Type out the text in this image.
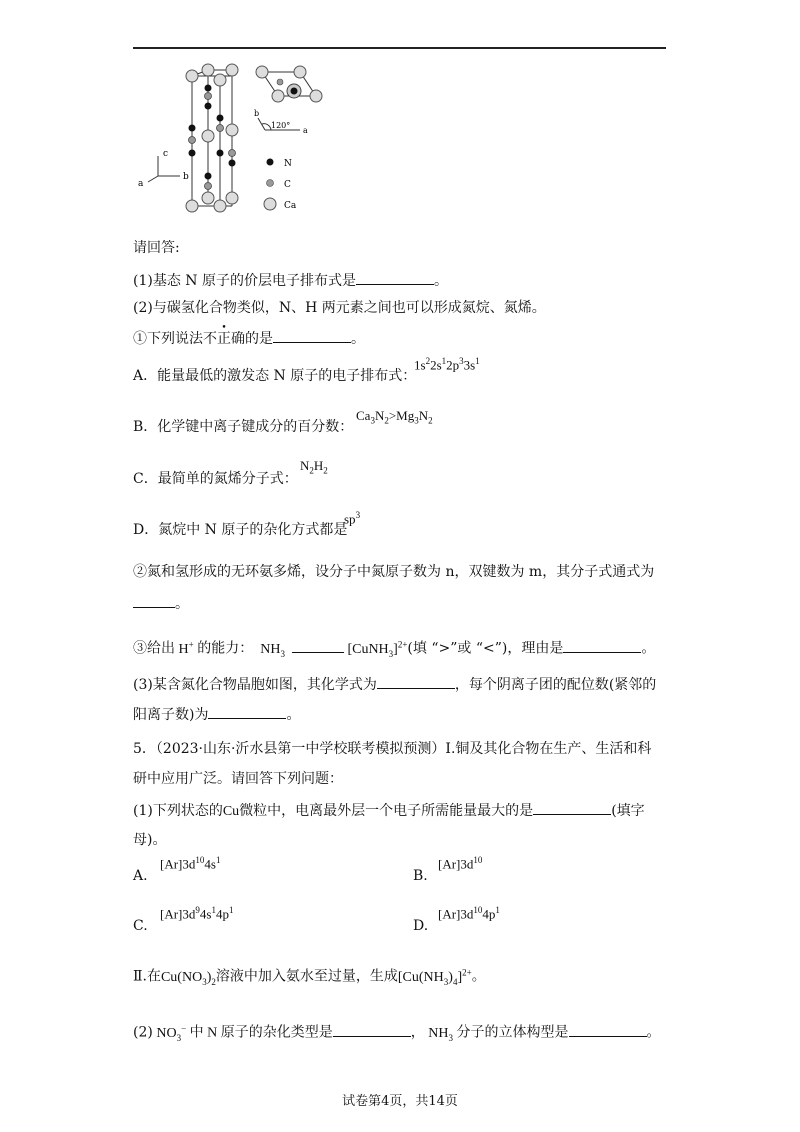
c
b
a
120°
b
a
N
C
Ca
请回答:
(1)基态 N 原子的价层电子排布式是	。
(2)与碳氢化合物类似，N、H 两元素之间也可以形成氮烷、氮烯。
①下列说法不正确的是	。
A．能量最低的激发态 N 原子的电子排布式：
$1s^22s^12p^33s^1$
B．化学键中离子键成分的百分数：
$Ca_3N_2>Mg_3N_2$
C．最简单的氮烯分子式：
$N_2H_2$
D．氮烷中 N 原子的杂化方式都是
$sp^3$
②氮和氢形成的无环氨多烯，设分子中氮原子数为 n，双键数为 m，其分子式通式为
。
③给出 H+ 的能力：  $NH_3$	[CuNH$_3$]$^{2+}$(填 “>”或 “<”)，理由是	。
(3)某含氮化合物晶胞如图，其化学式为	，每个阴离子团的配位数(紧邻的
阳离子数)为	。
5．（2023·山东·沂水县第一中学校联考模拟预测）Ⅰ.铜及其化合物在生产、生活和科
研中应用广泛。请回答下列问题：
(1)下列状态的Cu微粒中，电离最外层一个电子所需能量最大的是	(填字
母)。
A.
$[Ar]3d^{10}4s^1$
B.
$[Ar]3d^{10}$
C.
$[Ar]3d^94s^14p^1$
D.
$[Ar]3d^{10}4p^1$
Ⅱ.在$Cu(NO_3)_2$溶液中加入氨水至过量，生成$[Cu(NH_3)_4]^{2+}$。
(2) $NO_3^-$ 中 N 原子的杂化类型是	， $NH_3$ 分子的立体构型是	。
试卷第4页，共14页
